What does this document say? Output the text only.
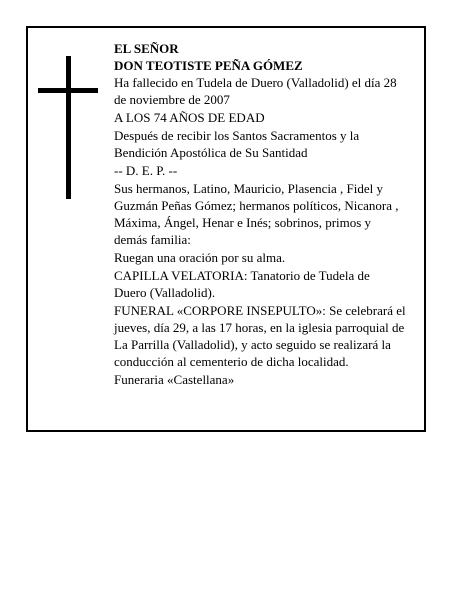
EL SEÑOR

DON TEOTISTE PEÑA GÓMEZ

Ha fallecido en Tudela de Duero (Valladolid) el día 28
de noviembre de 2007

A LOS 74 AÑOS DE EDAD

Después de recibir los Santos Sacramentos y la
Bendición Apostólica de Su Santidad

-- D. E. P. --

Sus hermanos, Latino, Mauricio, Plasencia , Fidel y
Guzmán Peñas Gómez; hermanos políticos, Nicanora ,
Máxima, Ángel, Henar e Inés; sobrinos, primos y
demás familia:

Ruegan una oración por su alma.

CAPILLA VELATORIA: Tanatorio de Tudela de
Duero (Valladolid).

FUNERAL «CORPORE INSEPULTO»: Se celebrará el
jueves, día 29, a las 17 horas, en la iglesia parroquial de
La Parrilla (Valladolid), y acto seguido se realizará la
conducción al cementerio de dicha localidad.

Funeraria «Castellana»
